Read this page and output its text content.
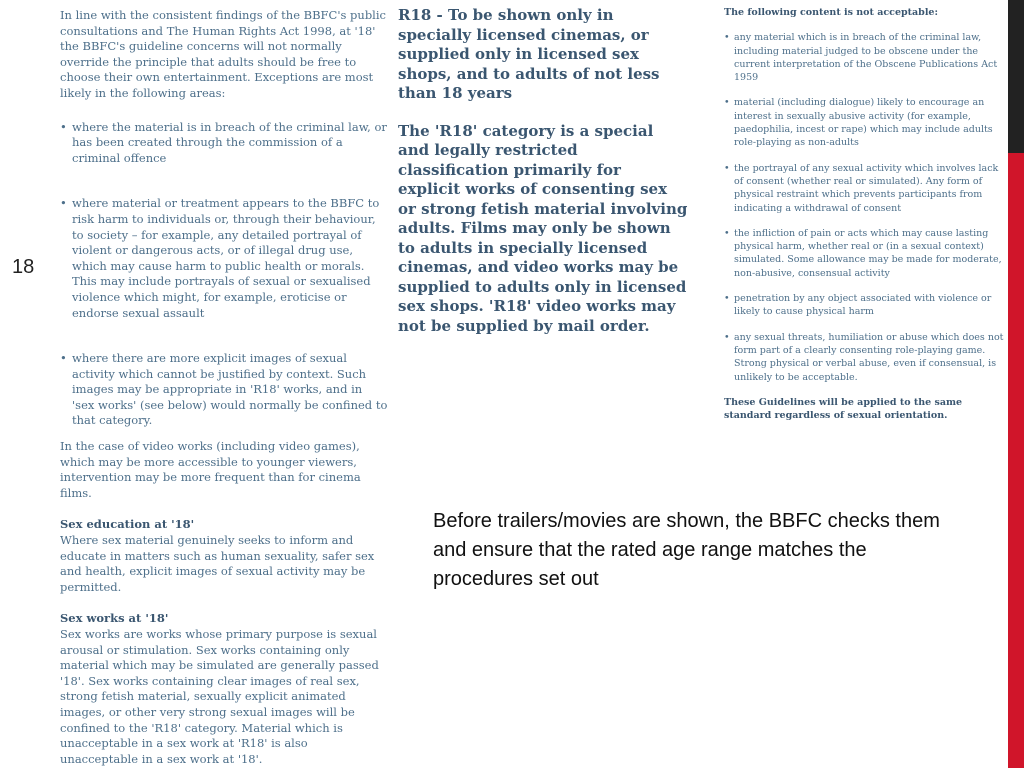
18

In line with the consistent findings of the BBFC's public consultations and The Human Rights Act 1998, at '18' the BBFC's guideline concerns will not normally override the principle that adults should be free to choose their own entertainment. Exceptions are most likely in the following areas:

• where the material is in breach of the criminal law, or has been created through the commission of a criminal offence
• where material or treatment appears to the BBFC to risk harm to individuals or, through their behaviour, to society – for example, any detailed portrayal of violent or dangerous acts, or of illegal drug use, which may cause harm to public health or morals. This may include portrayals of sexual or sexualised violence which might, for example, eroticise or endorse sexual assault
• where there are more explicit images of sexual activity which cannot be justified by context. Such images may be appropriate in 'R18' works, and in 'sex works' (see below) would normally be confined to that category.

In the case of video works (including video games), which may be more accessible to younger viewers, intervention may be more frequent than for cinema films.

Sex education at '18'

Where sex material genuinely seeks to inform and educate in matters such as human sexuality, safer sex and health, explicit images of sexual activity may be permitted.

Sex works at '18'

Sex works are works whose primary purpose is sexual arousal or stimulation. Sex works containing only material which may be simulated are generally passed '18'. Sex works containing clear images of real sex, strong fetish material, sexually explicit animated images, or other very strong sexual images will be confined to the 'R18' category. Material which is unacceptable in a sex work at 'R18' is also unacceptable in a sex work at '18'.

R18 - To be shown only in specially licensed cinemas, or supplied only in licensed sex shops, and to adults of not less than 18 years

The 'R18' category is a special and legally restricted classification primarily for explicit works of consenting sex or strong fetish material involving adults. Films may only be shown to adults in specially licensed cinemas, and video works may be supplied to adults only in licensed sex shops. 'R18' video works may not be supplied by mail order.

The following content is not acceptable:

• any material which is in breach of the criminal law, including material judged to be obscene under the current interpretation of the Obscene Publications Act 1959
• material (including dialogue) likely to encourage an interest in sexually abusive activity (for example, paedophilia, incest or rape) which may include adults role-playing as non-adults
• the portrayal of any sexual activity which involves lack of consent (whether real or simulated). Any form of physical restraint which prevents participants from indicating a withdrawal of consent
• the infliction of pain or acts which may cause lasting physical harm, whether real or (in a sexual context) simulated. Some allowance may be made for moderate, non-abusive, consensual activity
• penetration by any object associated with violence or likely to cause physical harm
• any sexual threats, humiliation or abuse which does not form part of a clearly consenting role-playing game. Strong physical or verbal abuse, even if consensual, is unlikely to be acceptable.

These Guidelines will be applied to the same standard regardless of sexual orientation.

Before trailers/movies are shown, the BBFC checks them and ensure that the rated age range matches the procedures set out
